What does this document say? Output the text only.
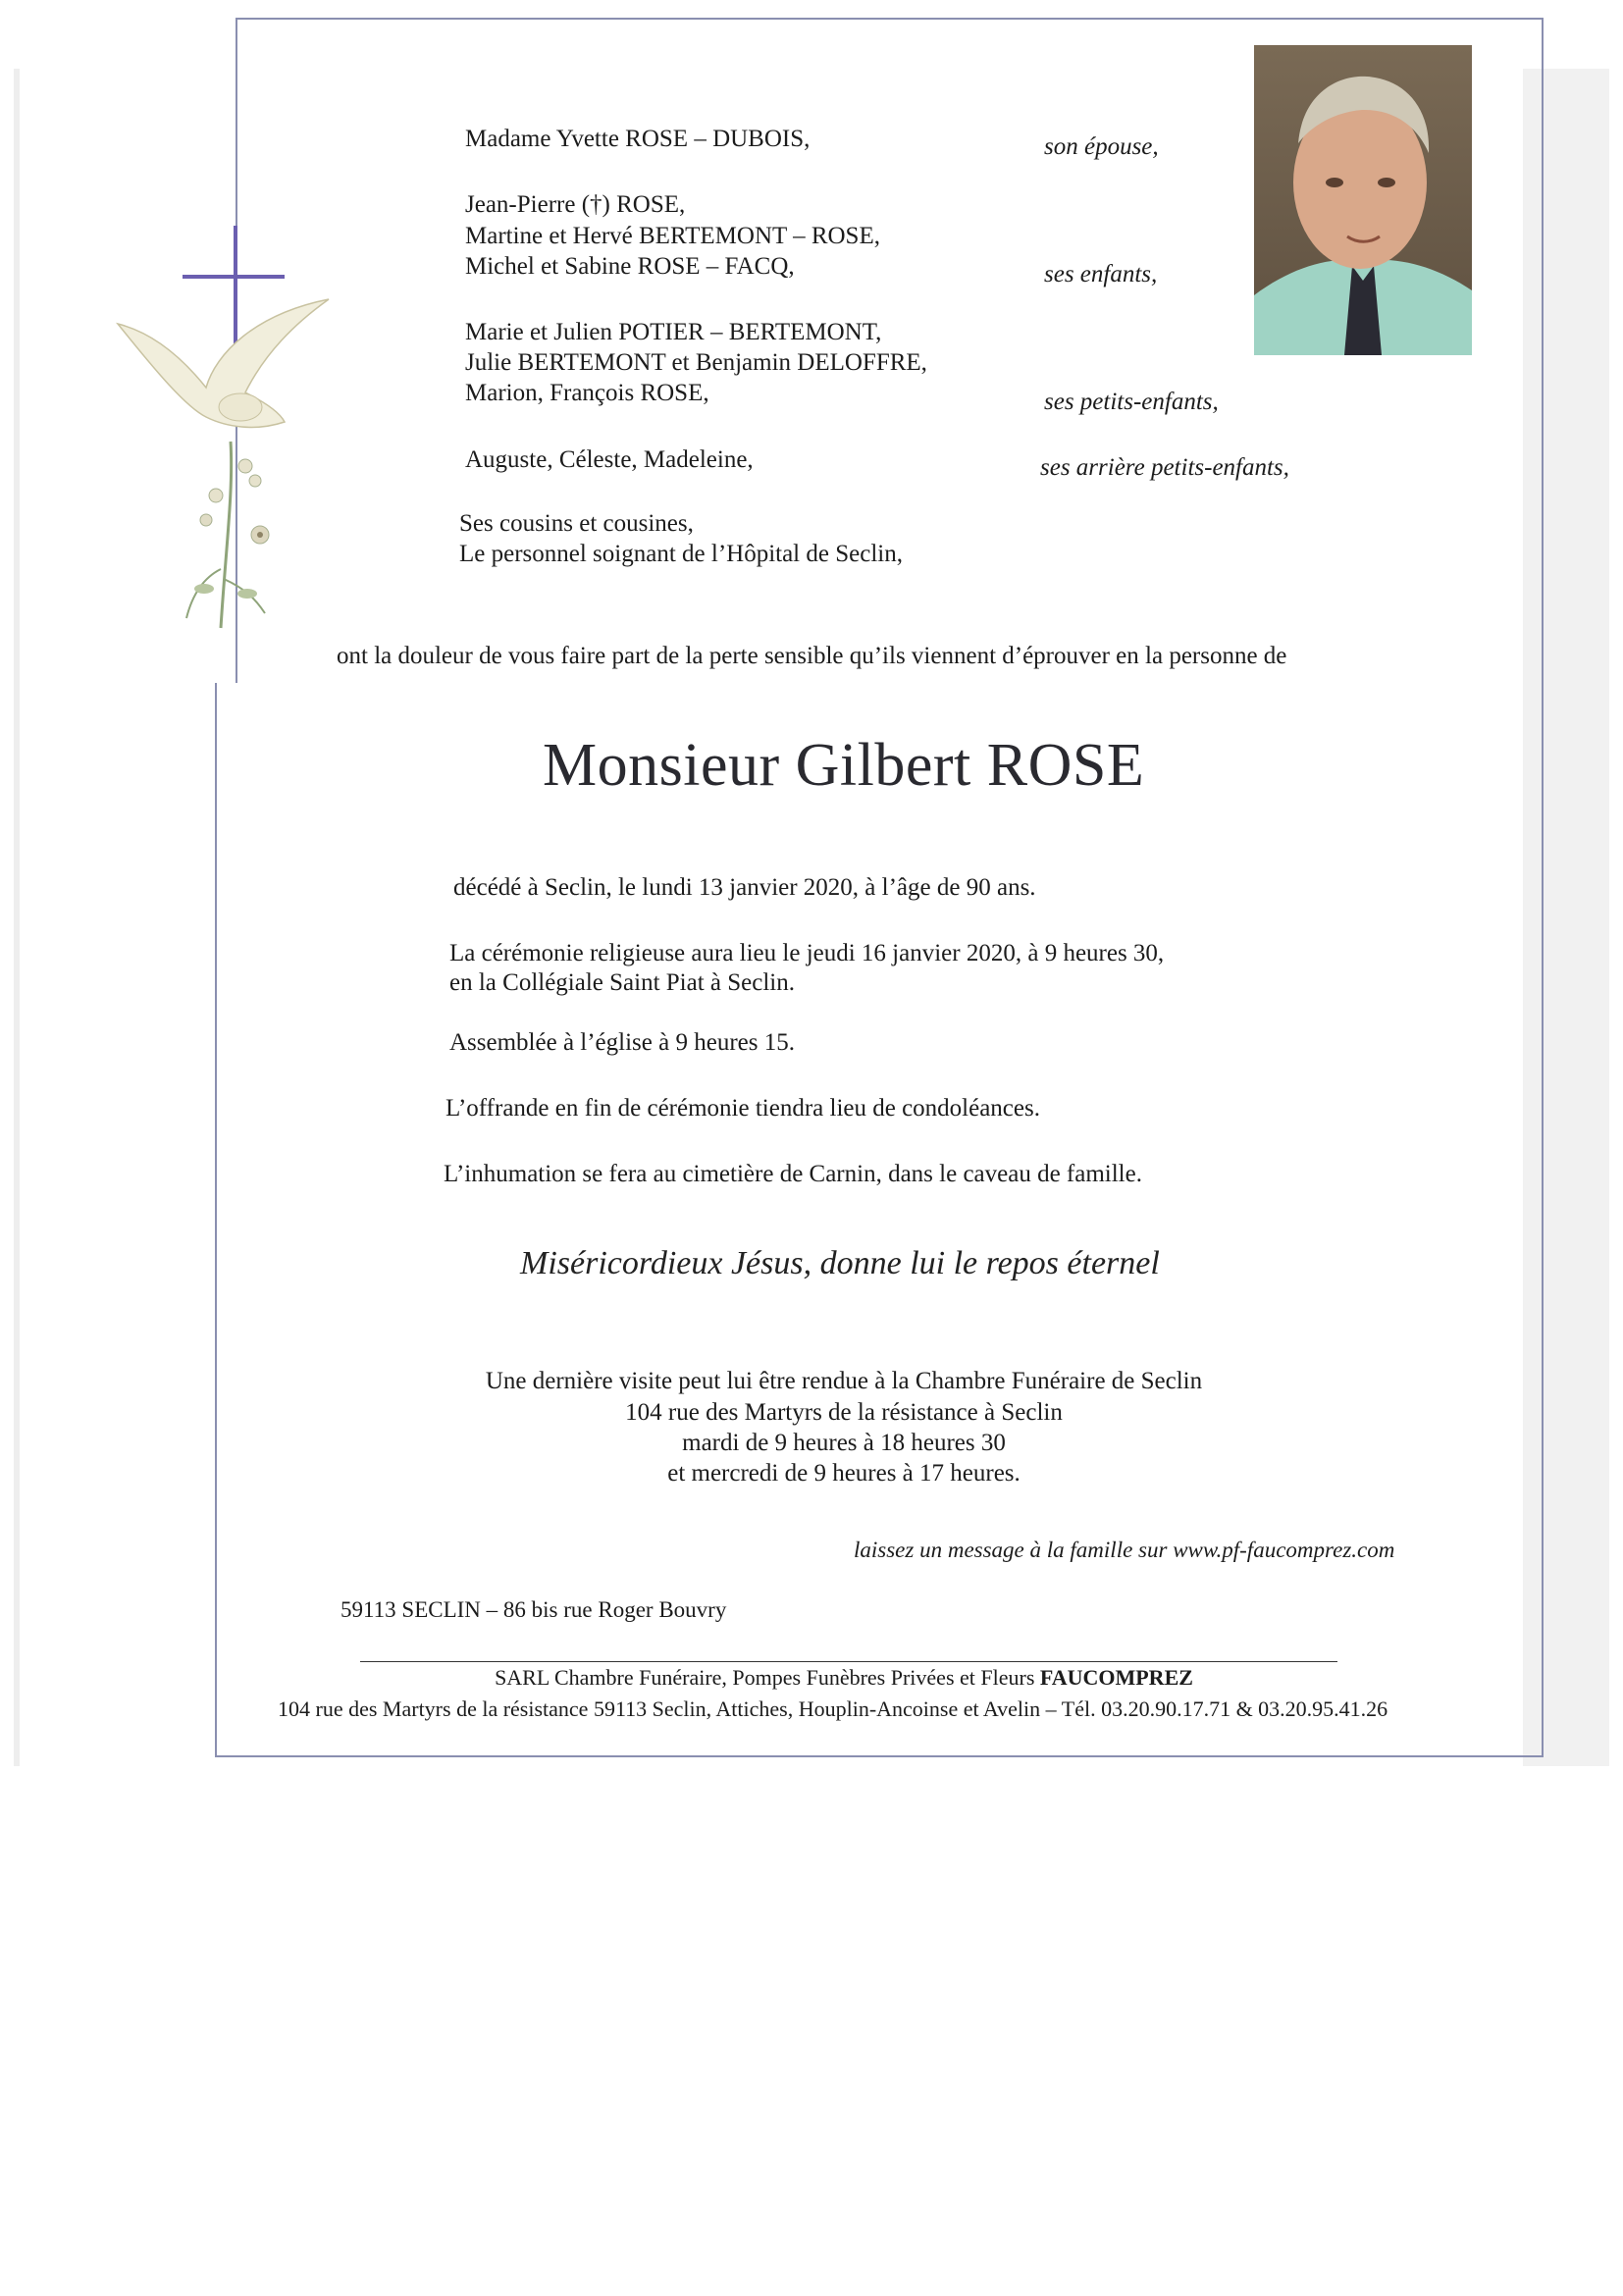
Madame Yvette ROSE – DUBOIS,	son épouse,
Jean-Pierre (†) ROSE,
Martine et Hervé BERTEMONT – ROSE,
Michel et Sabine ROSE – FACQ,	ses enfants,
Marie et Julien POTIER – BERTEMONT,
Julie BERTEMONT et Benjamin DELOFFRE,
Marion, François ROSE,	ses petits-enfants,
Auguste, Céleste, Madeleine,	ses arrière petits-enfants,
Ses cousins et cousines,
Le personnel soignant de l’Hôpital de Seclin,
ont la douleur de vous faire part de la perte sensible qu’ils viennent d’éprouver en la personne de
Monsieur Gilbert ROSE
décédé à Seclin, le lundi 13 janvier 2020, à l’âge de 90 ans.
La cérémonie religieuse aura lieu le jeudi 16 janvier 2020, à 9 heures 30,
en la Collégiale Saint Piat à Seclin.
Assemblée à l’église à 9 heures 15.
L’offrande en fin de cérémonie tiendra lieu de condoléances.
L’inhumation se fera au cimetière de Carnin, dans le caveau de famille.
Miséricordieux Jésus, donne lui le repos éternel
Une dernière visite peut lui être rendue à la Chambre Funéraire de Seclin
104 rue des Martyrs de la résistance à Seclin
mardi de 9 heures à 18 heures 30
et mercredi de 9 heures à 17 heures.
laissez un message à la famille sur www.pf-faucomprez.com
59113 SECLIN – 86 bis rue Roger Bouvry
SARL Chambre Funéraire, Pompes Funèbres Privées et Fleurs FAUCOMPREZ
104 rue des Martyrs de la résistance 59113 Seclin, Attiches, Houplin-Ancoinse et Avelin – Tél. 03.20.90.17.71 & 03.20.95.41.26
